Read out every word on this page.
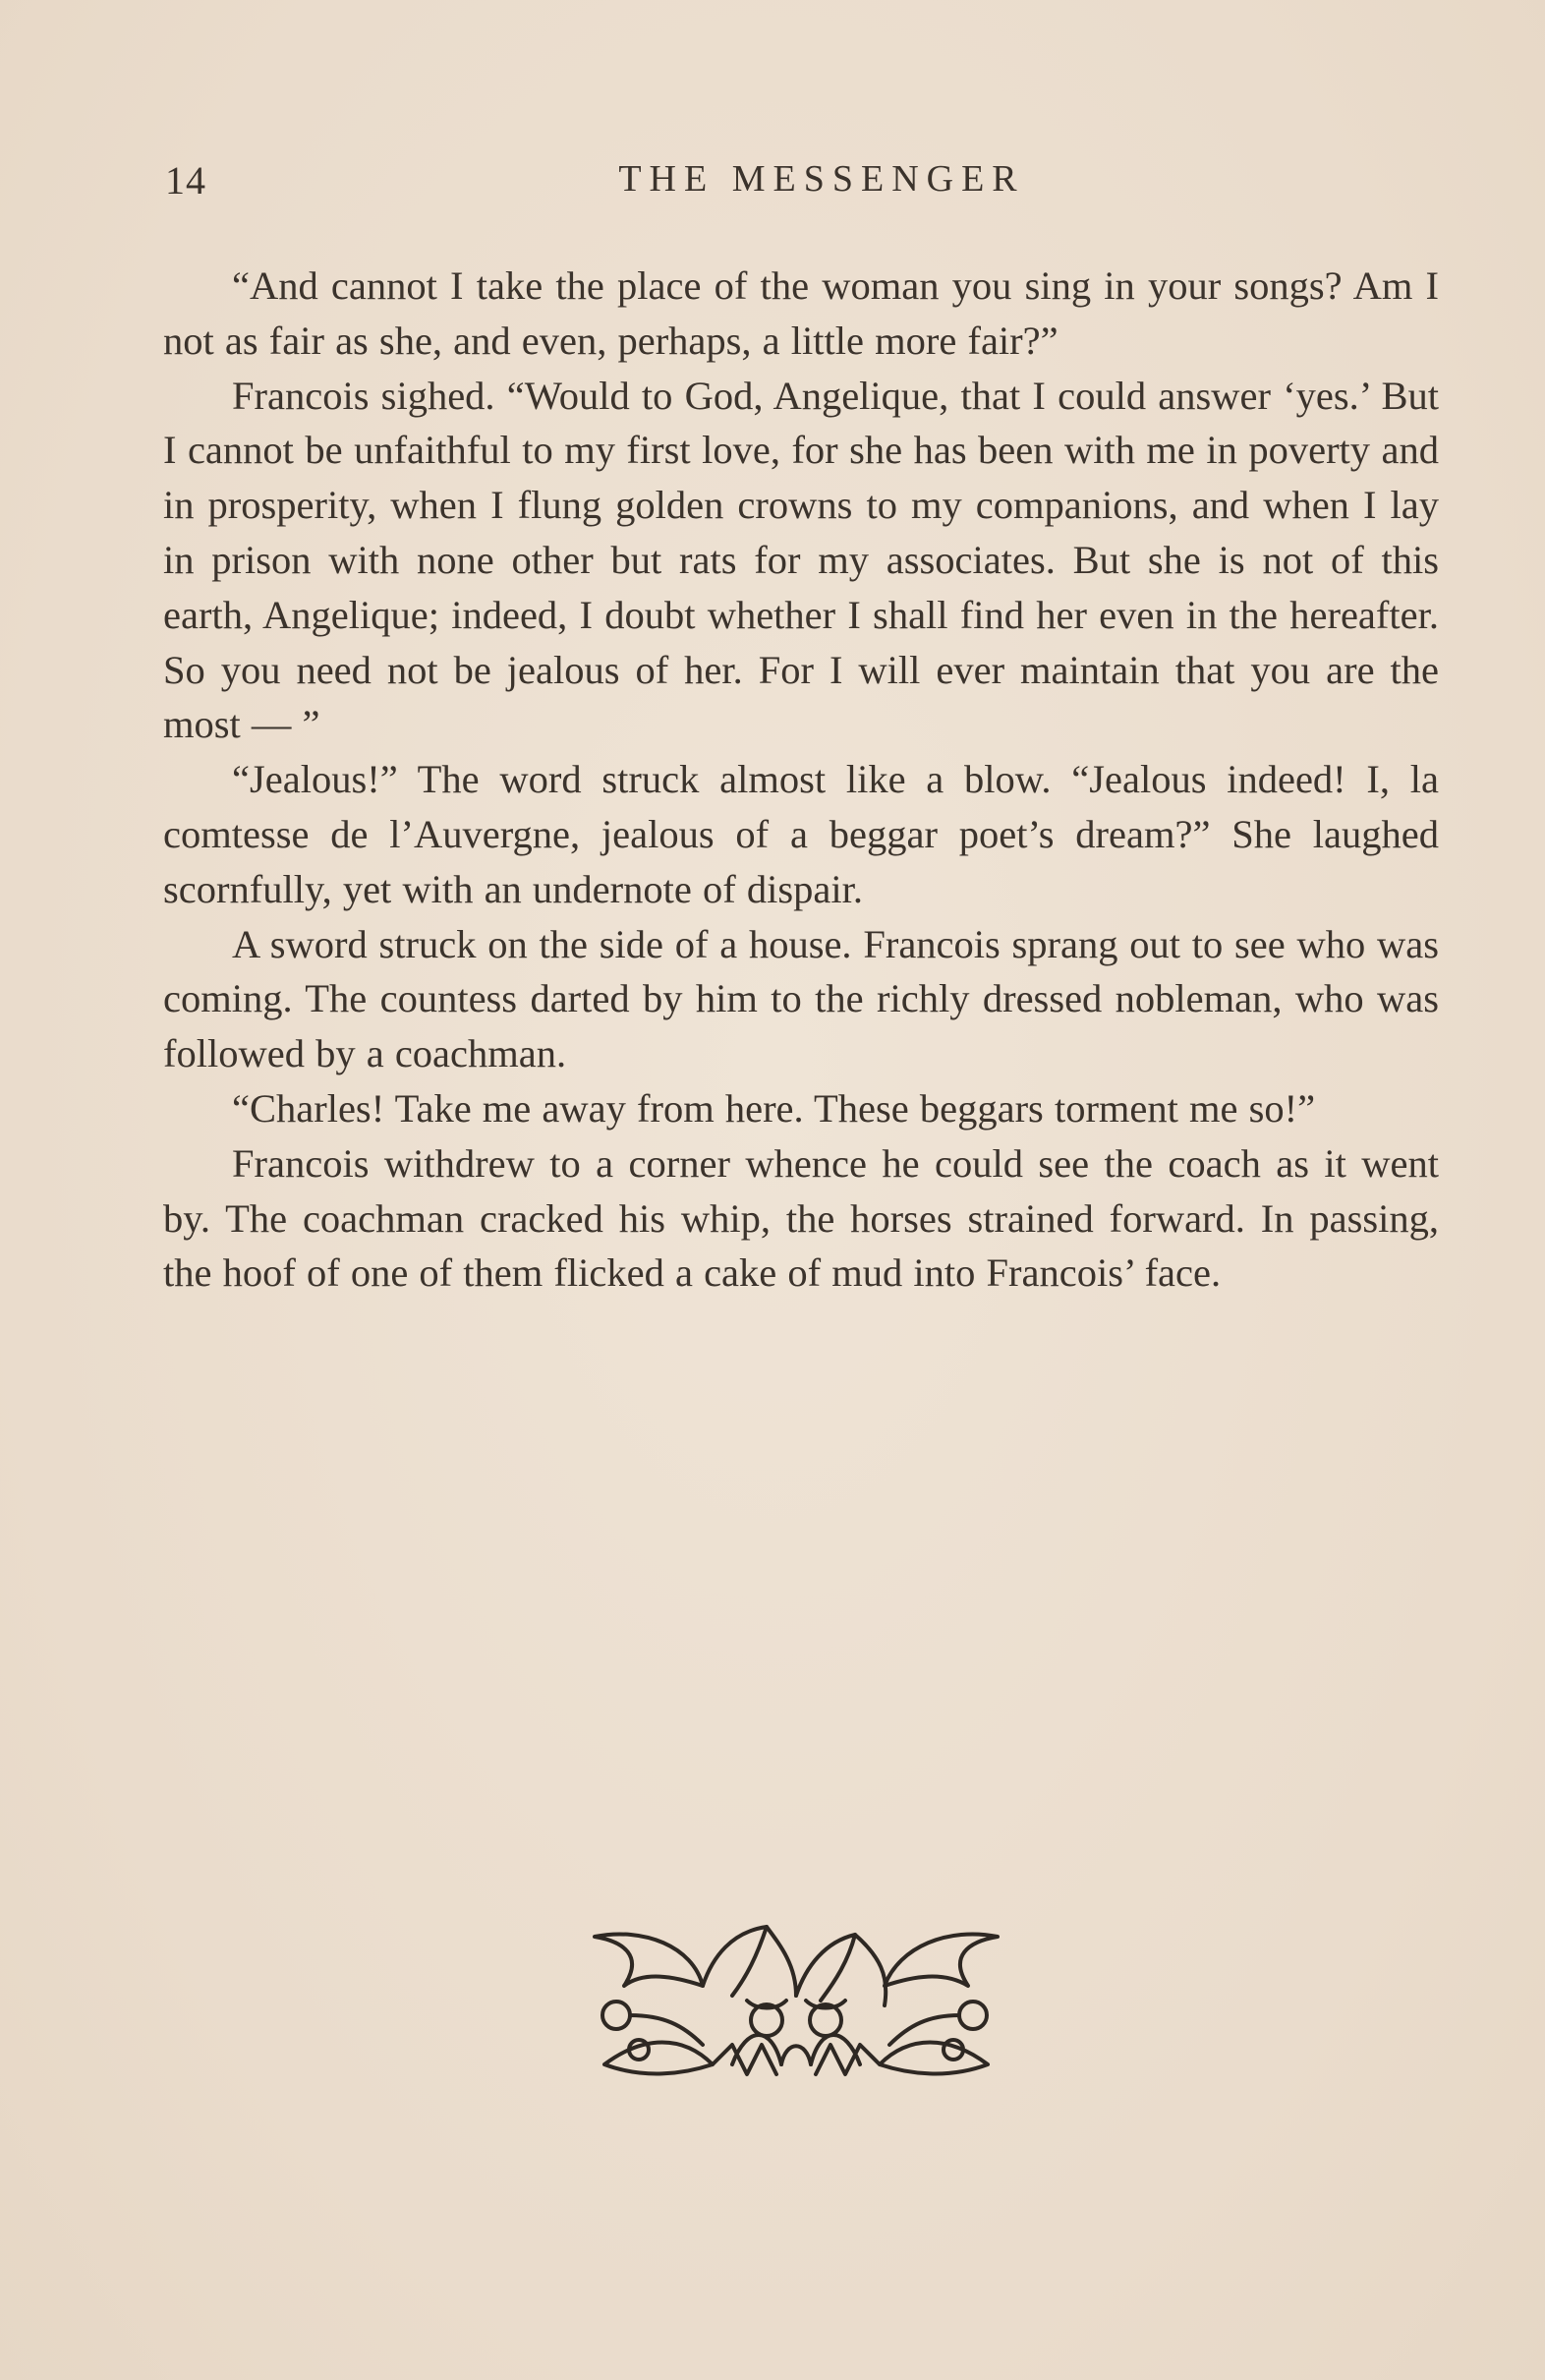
14	THE MESSENGER

“And cannot I take the place of the woman you sing in your songs? Am I not as fair as she, and even, perhaps, a little more fair?”

Francois sighed. “Would to God, Angelique, that I could answer ‘yes.’ But I cannot be unfaithful to my first love, for she has been with me in poverty and in prosperity, when I flung golden crowns to my companions, and when I lay in prison with none other but rats for my associates. But she is not of this earth, Angelique; indeed, I doubt whether I shall find her even in the hereafter. So you need not be jealous of her. For I will ever maintain that you are the most — ”

“Jealous!” The word struck almost like a blow. “Jealous indeed! I, la comtesse de l’Auvergne, jealous of a beggar poet’s dream?” She laughed scornfully, yet with an undernote of dispair.

A sword struck on the side of a house. Francois sprang out to see who was coming. The countess darted by him to the richly dressed nobleman, who was followed by a coachman.

“Charles! Take me away from here. These beggars torment me so!”

Francois withdrew to a corner whence he could see the coach as it went by. The coachman cracked his whip, the horses strained forward. In passing, the hoof of one of them flicked a cake of mud into Francois’ face.
